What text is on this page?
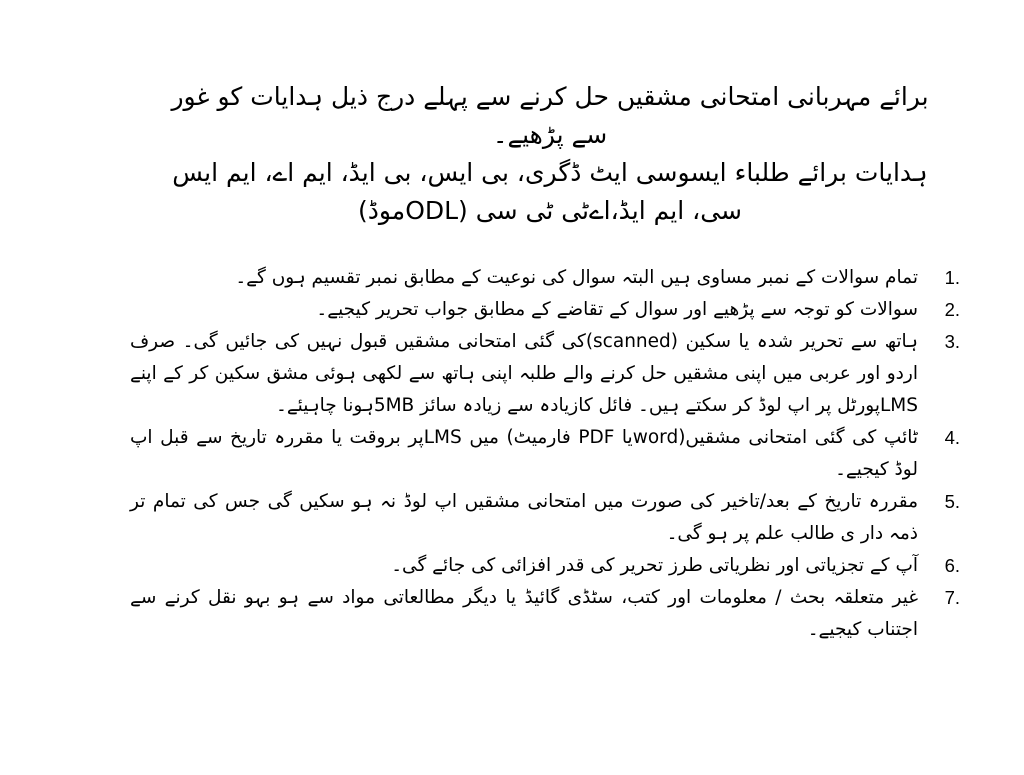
برائے مہربانی امتحانی مشقیں حل کرنے سے پہلے درج ذیل ہدایات کو غور سے پڑھیے۔

ہدایات برائے طلباء ایسوسی ایٹ ڈگری، بی ایس، بی ایڈ، ایم اے، ایم ایس سی، ایم ایڈ،اےٹی ٹی سی (ODLموڈ)

1.
تمام سوالات کے نمبر مساوی ہیں البتہ سوال کی نوعیت کے مطابق نمبر تقسیم ہوں گے۔
2.
سوالات کو توجہ سے پڑھیے اور سوال کے تقاضے کے مطابق جواب تحریر کیجیے۔
3.
ہاتھ سے تحریر شدہ یا سکین (scanned)کی گئی امتحانی مشقیں قبول نہیں کی جائیں گی۔ صرف اردو اور عربی میں اپنی مشقیں حل کرنے والے طلبہ اپنی ہاتھ سے لکھی ہوئی مشق سکین کر کے اپنے LMSپورٹل پر اپ لوڈ کر سکتے ہیں۔ فائل کازیادہ سے زیادہ سائز 5MBہونا چاہیئے۔
4.
ٹائپ کی گئی امتحانی مشقیں(wordیا PDF فارمیٹ) میں LMSپر بروقت یا مقررہ تاریخ سے قبل اپ لوڈ کیجیے۔
5.
مقررہ تاریخ کے بعد/تاخیر کی صورت میں امتحانی مشقیں اپ لوڈ نہ ہو سکیں گی جس کی تمام تر ذمہ دار ی طالب علم پر ہو گی۔
6.
آپ کے تجزیاتی اور نظریاتی طرز تحریر کی قدر افزائی کی جائے گی۔
7.
غیر متعلقہ بحث / معلومات اور کتب، سٹڈی گائیڈ یا دیگر مطالعاتی مواد سے ہو بہو نقل کرنے سے اجتناب کیجیے۔
